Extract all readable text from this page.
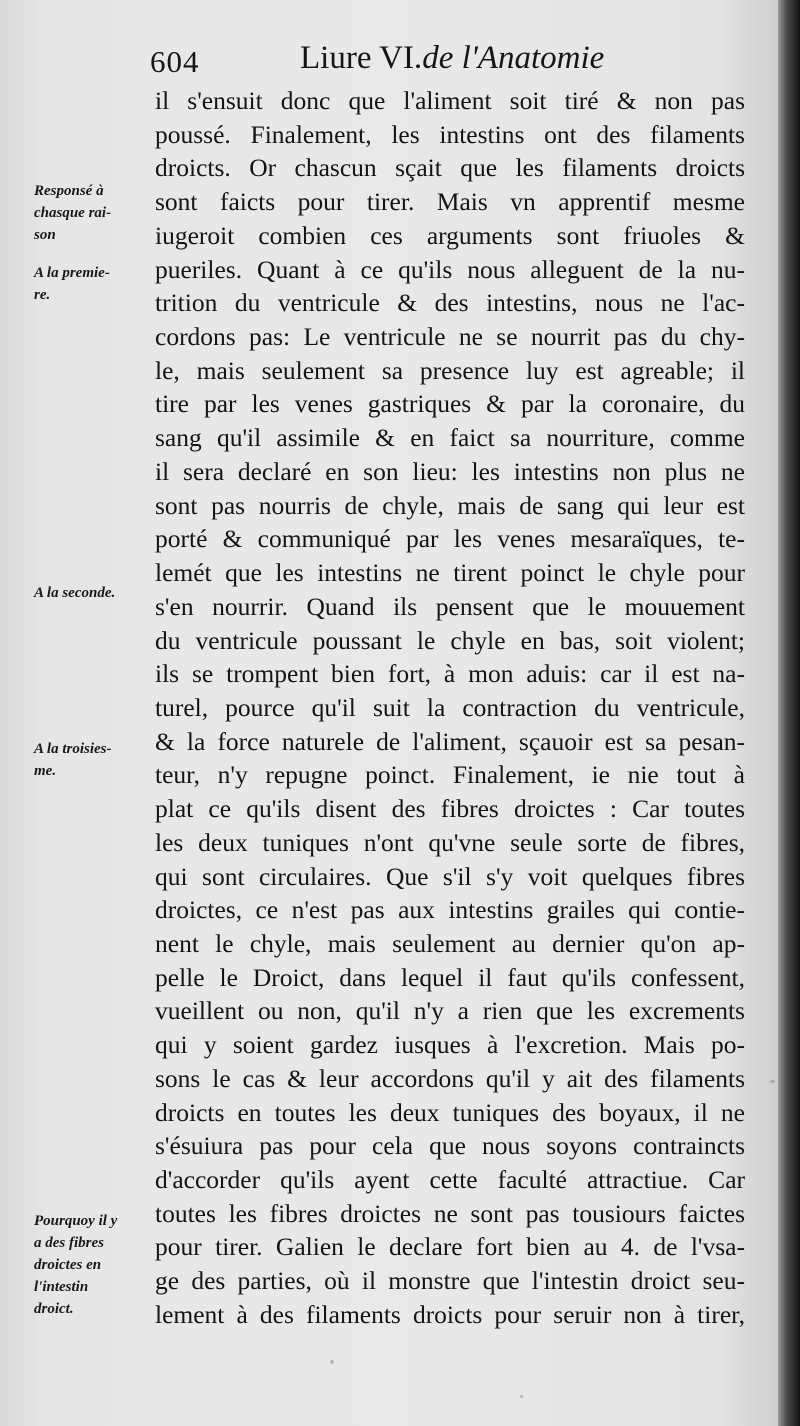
604	Liure VI.de l'Anatomie
Responsé à
chasque rai-
son
A la premie-
re.
A la seconde.
A la troisies-
me.
Pourquoy il y
a des fibres
droictes en
l'intestin
droict.
il s'ensuit donc que l'aliment soit tiré & non pas
poussé. Finalement, les intestins ont des filaments
droicts. Or chascun sçait que les filaments droicts
sont faicts pour tirer. Mais vn apprentif mesme
iugeroit combien ces arguments sont friuoles &
pueriles. Quant à ce qu'ils nous alleguent de la nu-
trition du ventricule & des intestins, nous ne l'ac-
cordons pas: Le ventricule ne se nourrit pas du chy-
le, mais seulement sa presence luy est agreable; il
tire par les venes gastriques & par la coronaire, du
sang qu'il assimile & en faict sa nourriture, comme
il sera declaré en son lieu: les intestins non plus ne
sont pas nourris de chyle, mais de sang qui leur est
porté & communiqué par les venes mesaraïques, te-
lemét que les intestins ne tirent poinct le chyle pour
s'en nourrir. Quand ils pensent que le mouuement
du ventricule poussant le chyle en bas, soit violent;
ils se trompent bien fort, à mon aduis: car il est na-
turel, pource qu'il suit la contraction du ventricule,
& la force naturele de l'aliment, sçauoir est sa pesan-
teur, n'y repugne poinct. Finalement, ie nie tout à
plat ce qu'ils disent des fibres droictes : Car toutes
les deux tuniques n'ont qu'vne seule sorte de fibres,
qui sont circulaires. Que s'il s'y voit quelques fibres
droictes, ce n'est pas aux intestins grailes qui contie-
nent le chyle, mais seulement au dernier qu'on ap-
pelle le Droict, dans lequel il faut qu'ils confessent,
vueillent ou non, qu'il n'y a rien que les excrements
qui y soient gardez iusques à l'excretion. Mais po-
sons le cas & leur accordons qu'il y ait des filaments
droicts en toutes les deux tuniques des boyaux, il ne
s'ésuiura pas pour cela que nous soyons contraincts
d'accorder qu'ils ayent cette faculté attractiue. Car
toutes les fibres droictes ne sont pas tousiours faictes
pour tirer. Galien le declare fort bien au 4. de l'vsa-
ge des parties, où il monstre que l'intestin droict seu-
lement à des filaments droicts pour seruir non à tirer,
